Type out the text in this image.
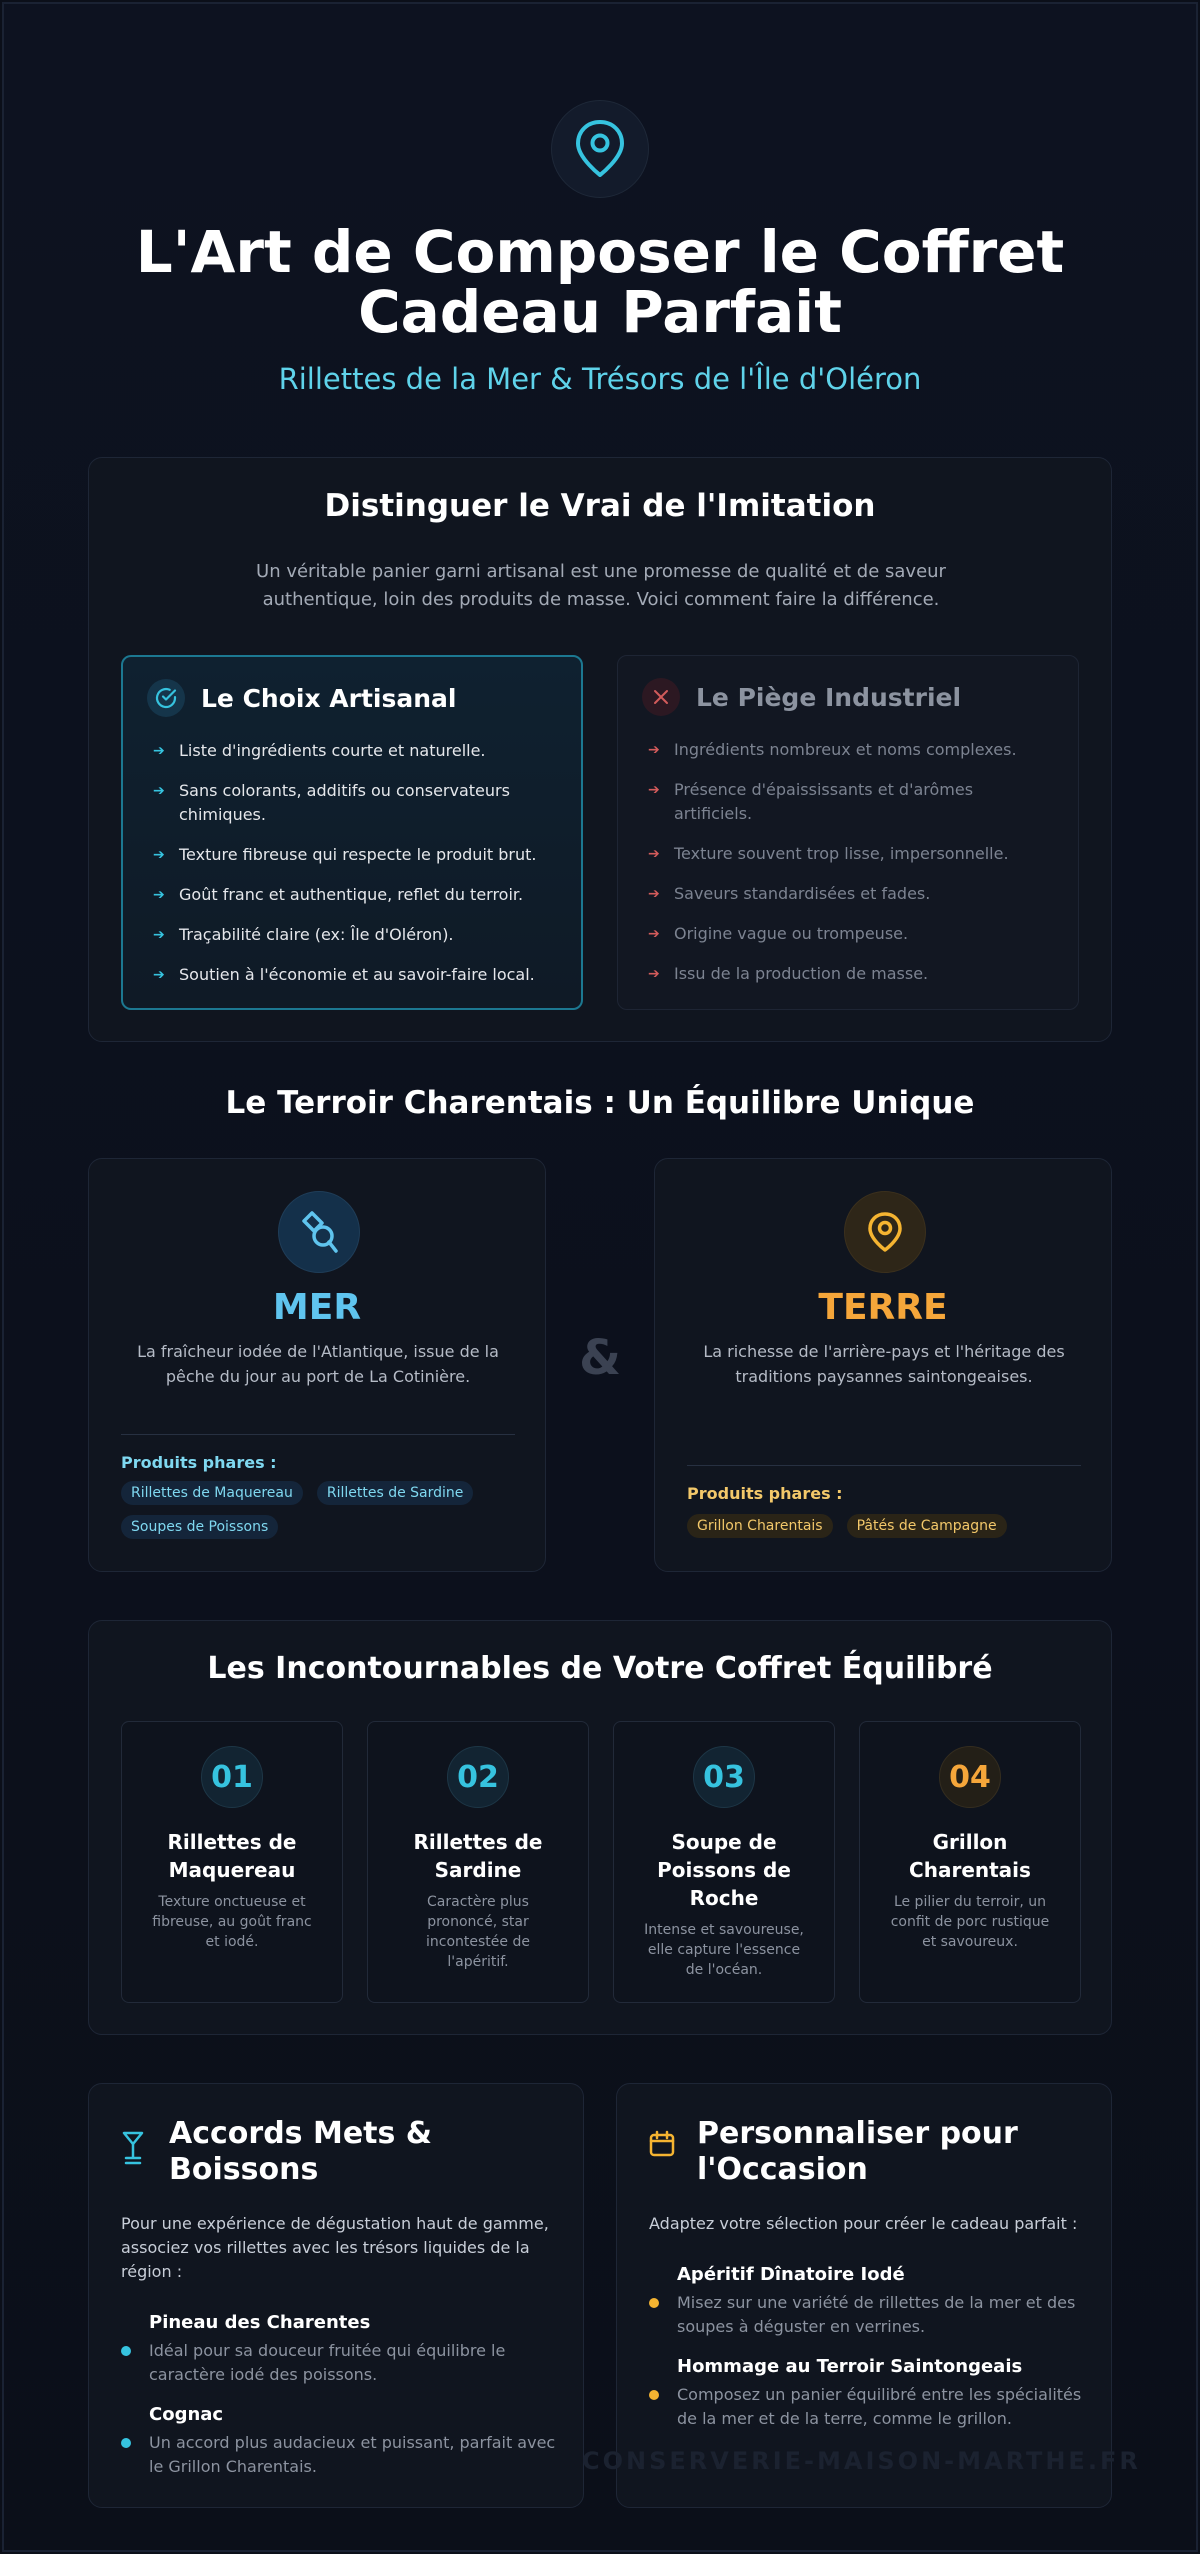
L'Art de Composer le Coffret Cadeau Parfait
Rillettes de la Mer & Trésors de l'Île d'Oléron
Distinguer le Vrai de l'Imitation

Un véritable panier garni artisanal est une promesse de qualité et de saveur authentique, loin des produits de masse. Voici comment faire la différence.

Le Choix Artisanal
➔ Liste d'ingrédients courte et naturelle.
➔ Sans colorants, additifs ou conservateurs chimiques.
➔ Texture fibreuse qui respecte le produit brut.
➔ Goût franc et authentique, reflet du terroir.
➔ Traçabilité claire (ex: Île d'Oléron).
➔ Soutien à l'économie et au savoir-faire local.
Le Piège Industriel
➔ Ingrédients nombreux et noms complexes.
➔ Présence d'épaississants et d'arômes artificiels.
➔ Texture souvent trop lisse, impersonnelle.
➔ Saveurs standardisées et fades.
➔ Origine vague ou trompeuse.
➔ Issu de la production de masse.
Le Terroir Charentais : Un Équilibre Unique
MER

La fraîcheur iodée de l'Atlantique, issue de la pêche du jour au port de La Cotinière.

Produits phares :
Rillettes de Maquereau	Rillettes de Sardine
Soupes de Poissons
&
TERRE

La richesse de l'arrière-pays et l'héritage des traditions paysannes saintongeaises.

Produits phares :
Grillon Charentais	Pâtés de Campagne
Les Incontournables de Votre Coffret Équilibré
01
Rillettes de Maquereau
Texture onctueuse et fibreuse, au goût franc et iodé.
02
Rillettes de Sardine
Caractère plus prononcé, star incontestée de l'apéritif.
03
Soupe de Poissons de Roche
Intense et savoureuse, elle capture l'essence de l'océan.
04
Grillon Charentais
Le pilier du terroir, un confit de porc rustique et savoureux.
Accords Mets & Boissons

Pour une expérience de dégustation haut de gamme, associez vos rillettes avec les trésors liquides de la région :

Pineau des Charentes
Idéal pour sa douceur fruitée qui équilibre le caractère iodé des poissons.
Cognac
Un accord plus audacieux et puissant, parfait avec le Grillon Charentais.
Personnaliser pour l'Occasion

Adaptez votre sélection pour créer le cadeau parfait :

Apéritif Dînatoire Iodé
Misez sur une variété de rillettes de la mer et des soupes à déguster en verrines.
Hommage au Terroir Saintongeais
Composez un panier équilibré entre les spécialités de la mer et de la terre, comme le grillon.
CONSERVERIE-MAISON-MARTHE.FR
